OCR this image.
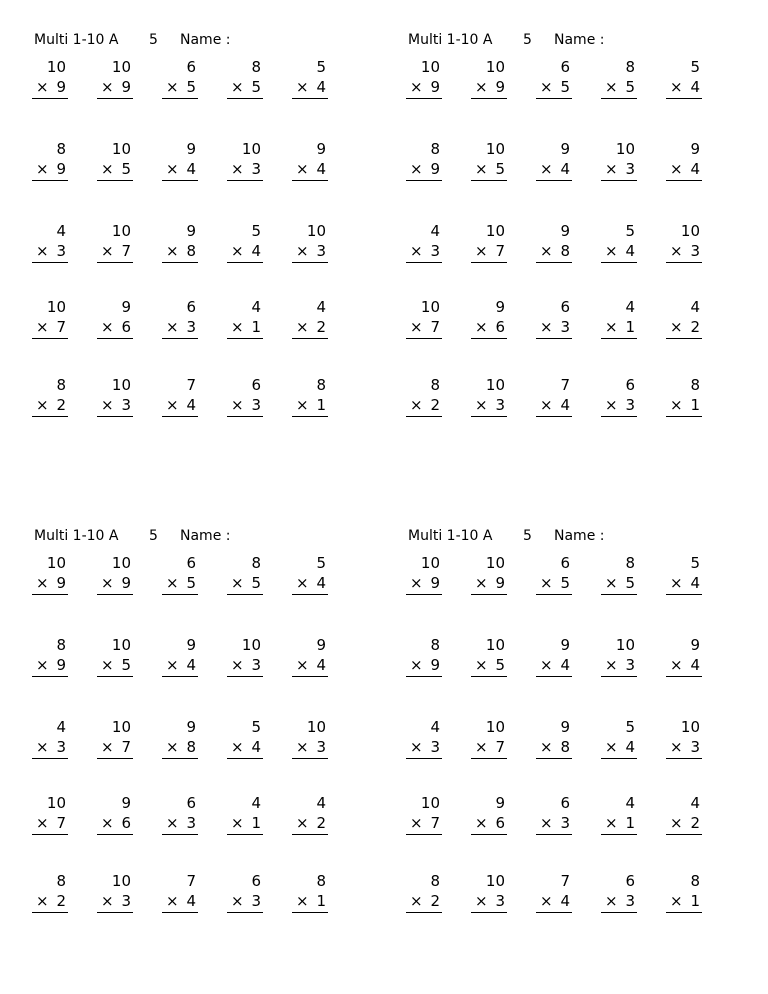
Multi 1-10 A 5 Name :
10
× 9
10
× 9
6
× 5
8
× 5
5
× 4
8
× 9
10
× 5
9
× 4
10
× 3
9
× 4
4
× 3
10
× 7
9
× 8
5
× 4
10
× 3
10
× 7
9
× 6
6
× 3
4
× 1
4
× 2
8
× 2
10
× 3
7
× 4
6
× 3
8
× 1
Multi 1-10 A 5 Name :
10
× 9
10
× 9
6
× 5
8
× 5
5
× 4
8
× 9
10
× 5
9
× 4
10
× 3
9
× 4
4
× 3
10
× 7
9
× 8
5
× 4
10
× 3
10
× 7
9
× 6
6
× 3
4
× 1
4
× 2
8
× 2
10
× 3
7
× 4
6
× 3
8
× 1
Multi 1-10 A 5 Name :
10
× 9
10
× 9
6
× 5
8
× 5
5
× 4
8
× 9
10
× 5
9
× 4
10
× 3
9
× 4
4
× 3
10
× 7
9
× 8
5
× 4
10
× 3
10
× 7
9
× 6
6
× 3
4
× 1
4
× 2
8
× 2
10
× 3
7
× 4
6
× 3
8
× 1
Multi 1-10 A 5 Name :
10
× 9
10
× 9
6
× 5
8
× 5
5
× 4
8
× 9
10
× 5
9
× 4
10
× 3
9
× 4
4
× 3
10
× 7
9
× 8
5
× 4
10
× 3
10
× 7
9
× 6
6
× 3
4
× 1
4
× 2
8
× 2
10
× 3
7
× 4
6
× 3
8
× 1
